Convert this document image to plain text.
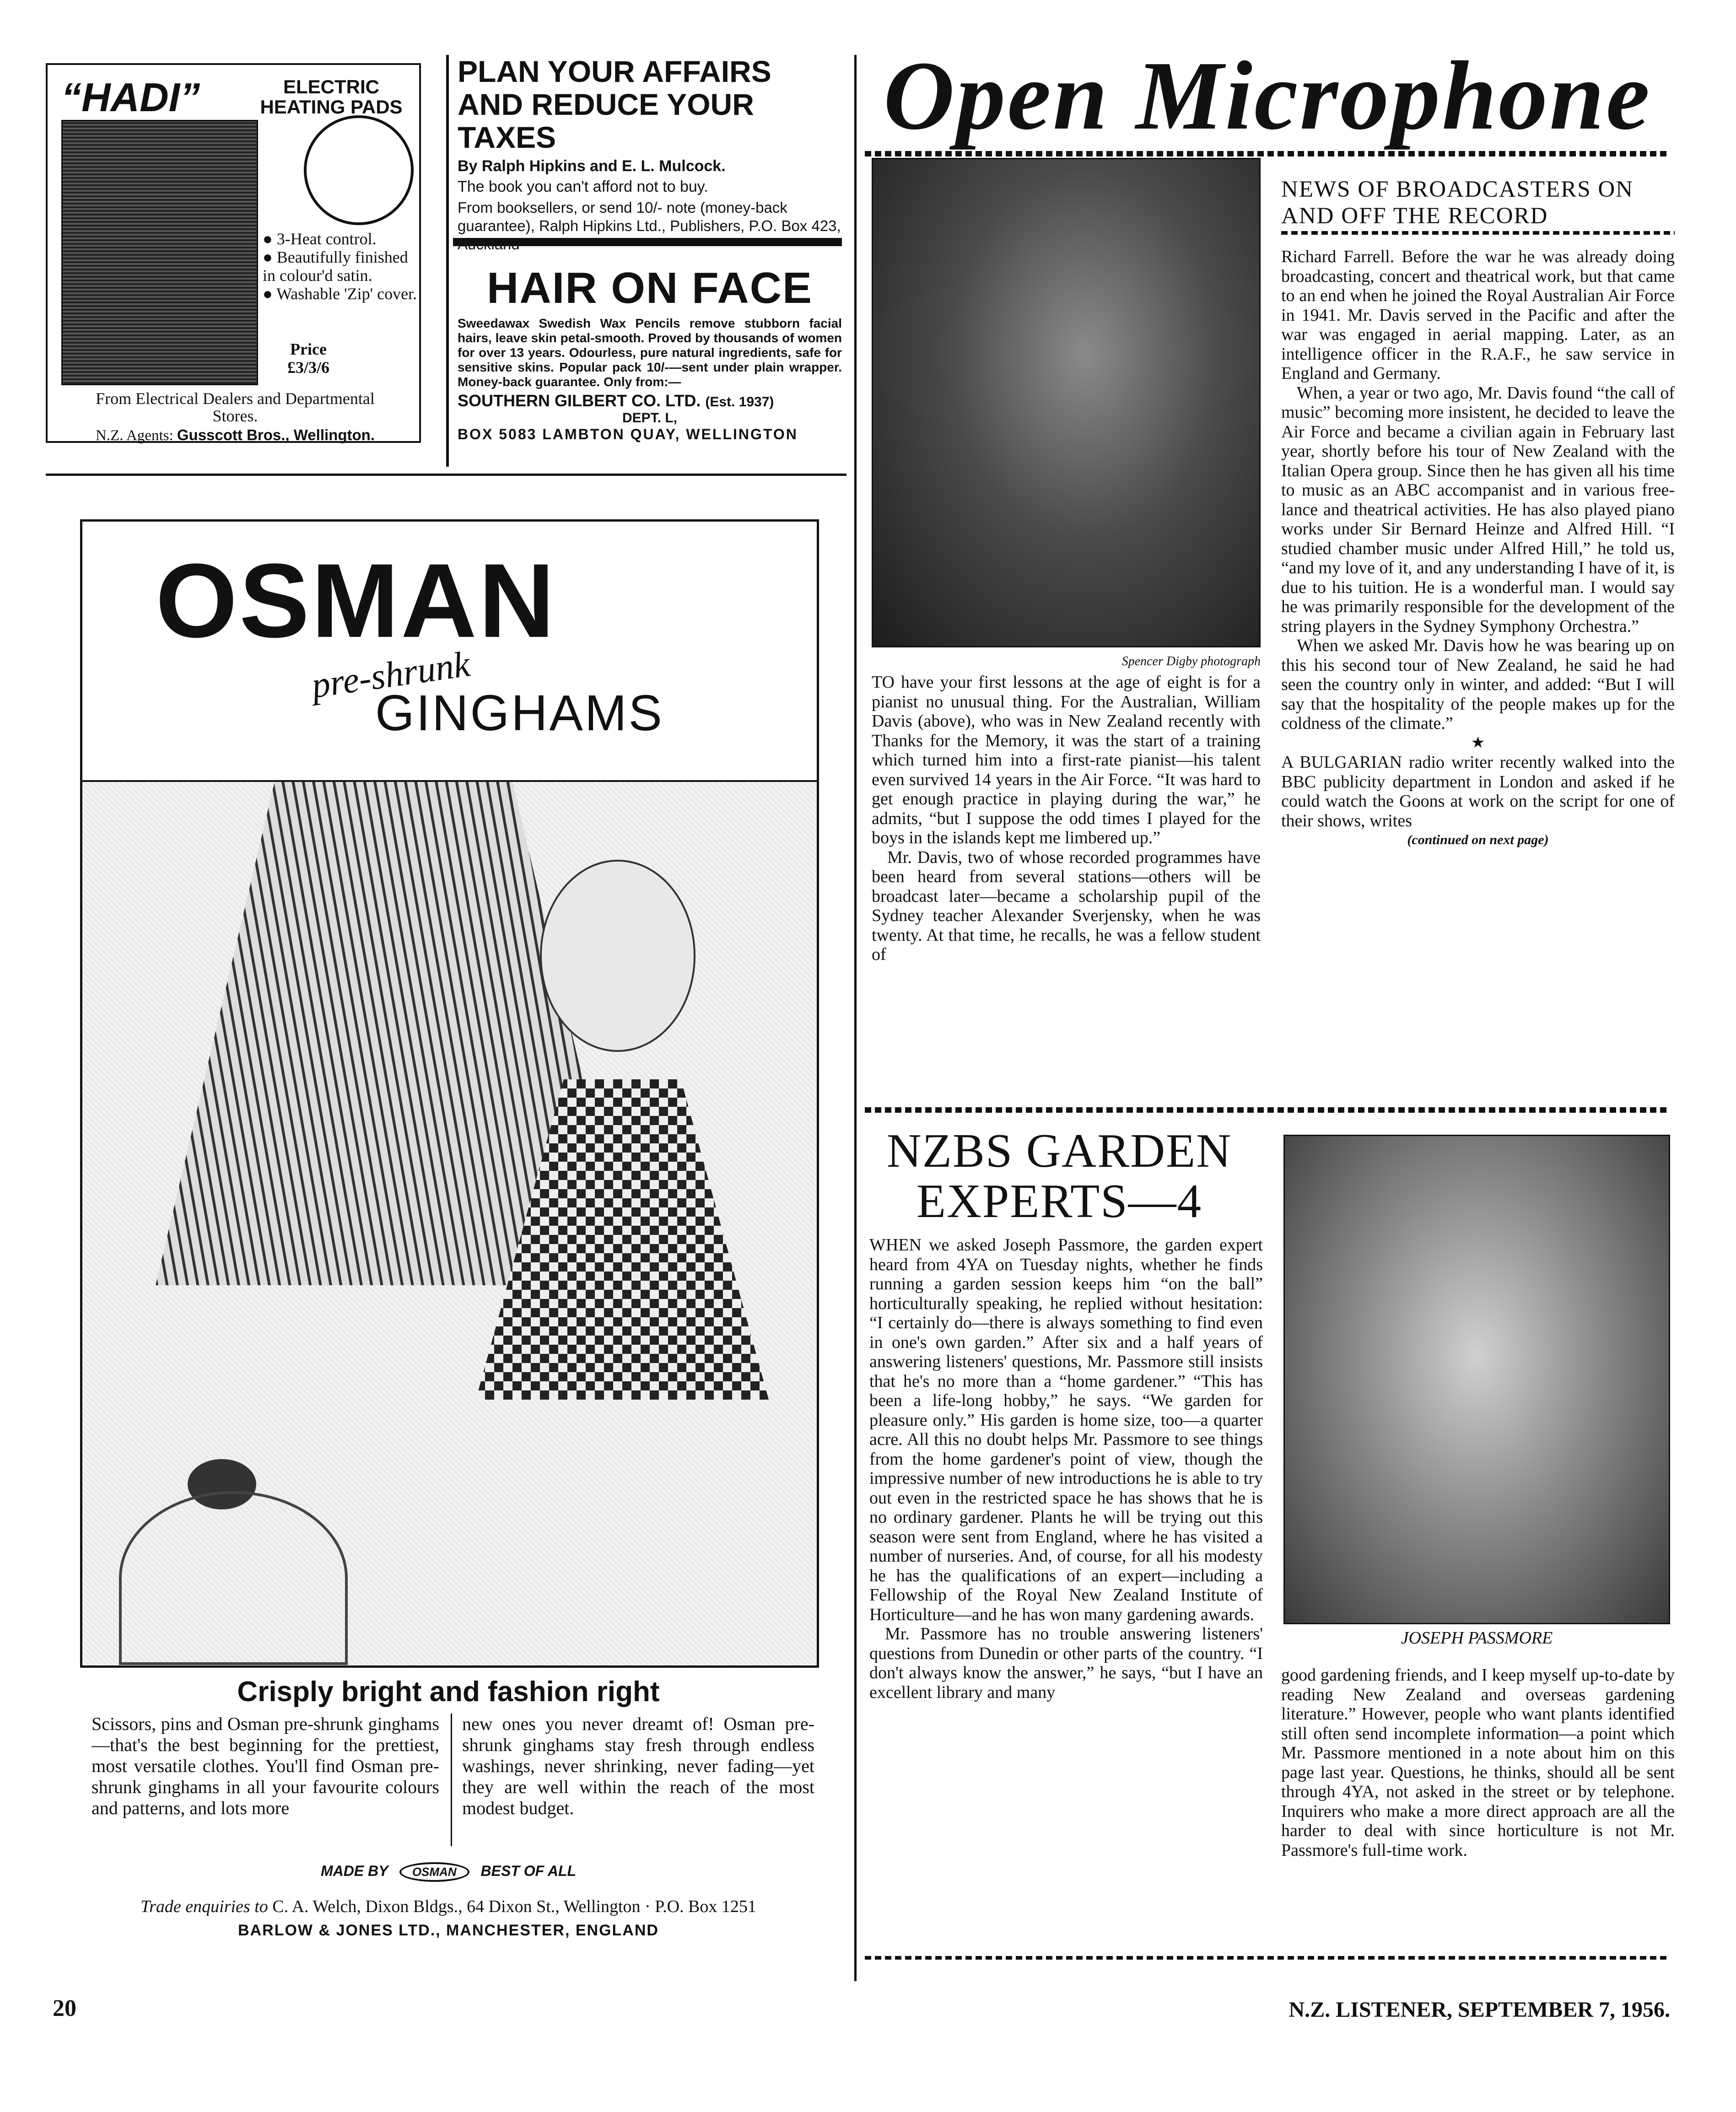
“HADI”	ELECTRIC HEATING PADS
● 3-Heat control.
● Beautifully finished in colour'd satin.
● Washable 'Zip' cover.
Price
£3/3/6
From Electrical Dealers and Departmental Stores.
N.Z. Agents: Gusscott Bros., Wellington.
PLAN YOUR AFFAIRS AND REDUCE YOUR TAXES
By Ralph Hipkins and E. L. Mulcock.
The book you can't afford not to buy.
From booksellers, or send 10/- note (money-back guarantee), Ralph Hipkins Ltd., Publishers, P.O. Box 423,
HAIR ON FACE
Sweedawax Swedish Wax Pencils remove stubborn facial hairs, leave skin petal-smooth. Proved by thousands of women for over 13 years. Odourless, pure natural ingredients, safe for sensitive skins. Popular pack 10/-—sent under plain wrapper. Money-back guarantee. Only from:—
SOUTHERN GILBERT CO. LTD. (Est. 1937)
DEPT. L,
BOX 5083 LAMBTON QUAY, WELLINGTON
OSMAN
pre-shrunk
GINGHAMS
Crisply bright and fashion right
Scissors, pins and Osman pre-shrunk ginghams—that's the best beginning for the prettiest, most versatile clothes. You'll find Osman pre-shrunk ginghams in all your favourite colours and patterns, and lots more
new ones you never dreamt of! Osman pre-shrunk ginghams stay fresh through endless washings, never shrinking, never fading—yet they are well within the reach of the most modest budget.
MADE BY OSMAN BEST OF ALL
Trade enquiries to C. A. Welch, Dixon Bldgs., 64 Dixon St., Wellington · P.O. Box 1251
BARLOW & JONES LTD., MANCHESTER, ENGLAND
Open Microphone
Spencer Digby photograph
NEWS OF BROADCASTERS ON AND OFF THE RECORD

TO have your first lessons at the age of eight is for a pianist no unusual thing. For the Australian, William Davis (above), who was in New Zealand recently with Thanks for the Memory, it was the start of a training which turned him into a first-rate pianist—his talent even survived 14 years in the Air Force. “It was hard to get enough practice in playing during the war,” he admits, “but I suppose the odd times I played for the boys in the islands kept me limbered up.”

Mr. Davis, two of whose recorded programmes have been heard from several stations—others will be broadcast later—became a scholarship pupil of the Sydney teacher Alexander Sverjensky, when he was twenty. At that time, he recalls, he was a fellow student of

Richard Farrell. Before the war he was already doing broadcasting, concert and theatrical work, but that came to an end when he joined the Royal Australian Air Force in 1941. Mr. Davis served in the Pacific and after the war was engaged in aerial mapping. Later, as an intelligence officer in the R.A.F., he saw service in England and Germany.

When, a year or two ago, Mr. Davis found “the call of music” becoming more insistent, he decided to leave the Air Force and became a civilian again in February last year, shortly before his tour of New Zealand with the Italian Opera group. Since then he has given all his time to music as an ABC accompanist and in various free-lance and theatrical activities. He has also played piano works under Sir Bernard Heinze and Alfred Hill. “I studied chamber music under Alfred Hill,” he told us, “and my love of it, and any understanding I have of it, is due to his tuition. He is a wonderful man. I would say he was primarily responsible for the development of the string players in the Sydney Symphony Orchestra.”

When we asked Mr. Davis how he was bearing up on this his second tour of New Zealand, he said he had seen the country only in winter, and added: “But I will say that the hospitality of the people makes up for the coldness of the climate.”

★

A BULGARIAN radio writer recently walked into the BBC publicity department in London and asked if he could watch the Goons at work on the script for one of their shows, writes

(continued on next page)
NZBS GARDEN EXPERTS—4
JOSEPH PASSMORE

WHEN we asked Joseph Passmore, the garden expert heard from 4YA on Tuesday nights, whether he finds running a garden session keeps him “on the ball” horticulturally speaking, he replied without hesitation: “I certainly do—there is always something to find even in one's own garden.” After six and a half years of answering listeners' questions, Mr. Passmore still insists that he's no more than a “home gardener.” “This has been a life-long hobby,” he says. “We garden for pleasure only.” His garden is home size, too—a quarter acre. All this no doubt helps Mr. Passmore to see things from the home gardener's point of view, though the impressive number of new introductions he is able to try out even in the restricted space he has shows that he is no ordinary gardener. Plants he will be trying out this season were sent from England, where he has visited a number of nurseries. And, of course, for all his modesty he has the qualifications of an expert—including a Fellowship of the Royal New Zealand Institute of Horticulture—and he has won many gardening awards.

Mr. Passmore has no trouble answering listeners' questions from Dunedin or other parts of the country. “I don't always know the answer,” he says, “but I have an excellent library and many

good gardening friends, and I keep myself up-to-date by reading New Zealand and overseas gardening literature.” However, people who want plants identified still often send incomplete information—a point which Mr. Passmore mentioned in a note about him on this page last year. Questions, he thinks, should all be sent through 4YA, not asked in the street or by telephone. Inquirers who make a more direct approach are all the harder to deal with since horticulture is not Mr. Passmore's full-time work.
20	N.Z. LISTENER, SEPTEMBER 7, 1956.
